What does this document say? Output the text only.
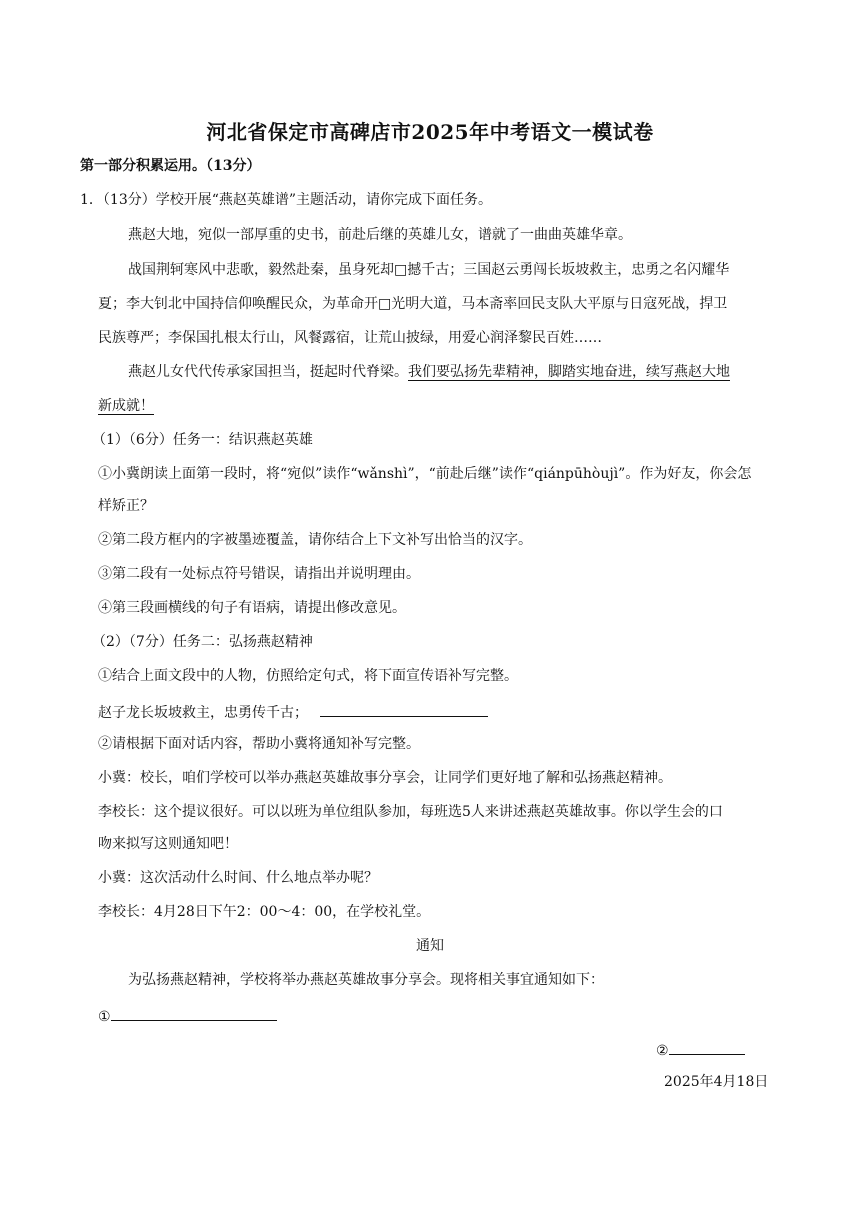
河北省保定市高碑店市2025年中考语文一模试卷
第一部分积累运用。（13分）
1．（13分）学校开展“燕赵英雄谱”主题活动，请你完成下面任务。
燕赵大地，宛似一部厚重的史书，前赴后继的英雄儿女，谱就了一曲曲英雄华章。
战国荆轲寒风中悲歌，毅然赴秦，虽身死却□撼千古；三国赵云勇闯长坂坡救主，忠勇之名闪耀华
夏；李大钊北中国持信仰唤醒民众，为革命开□光明大道，马本斋率回民支队大平原与日寇死战，捍卫
民族尊严；李保国扎根太行山，风餐露宿，让荒山披绿，用爱心润泽黎民百姓……
燕赵儿女代代传承家国担当，挺起时代脊梁。我们要弘扬先辈精神，脚踏实地奋进，续写燕赵大地
新成就！
（1）（6分）任务一：结识燕赵英雄
①小冀朗读上面第一段时，将“宛似”读作“wǎnshì”，“前赴后继”读作“qiánpūhòujì”。作为好友，你会怎
样矫正？
②第二段方框内的字被墨迹覆盖，请你结合上下文补写出恰当的汉字。
③第二段有一处标点符号错误，请指出并说明理由。
④第三段画横线的句子有语病，请提出修改意见。
（2）（7分）任务二：弘扬燕赵精神
①结合上面文段中的人物，仿照给定句式，将下面宣传语补写完整。
赵子龙长坂坡救主，忠勇传千古；
②请根据下面对话内容，帮助小冀将通知补写完整。
小冀：校长，咱们学校可以举办燕赵英雄故事分享会，让同学们更好地了解和弘扬燕赵精神。
李校长：这个提议很好。可以以班为单位组队参加，每班选5人来讲述燕赵英雄故事。你以学生会的口
吻来拟写这则通知吧！
小冀：这次活动什么时间、什么地点举办呢？
李校长：4月28日下午2：00～4：00，在学校礼堂。
通知
为弘扬燕赵精神，学校将举办燕赵英雄故事分享会。现将相关事宜通知如下：
①
②
2025年4月18日
